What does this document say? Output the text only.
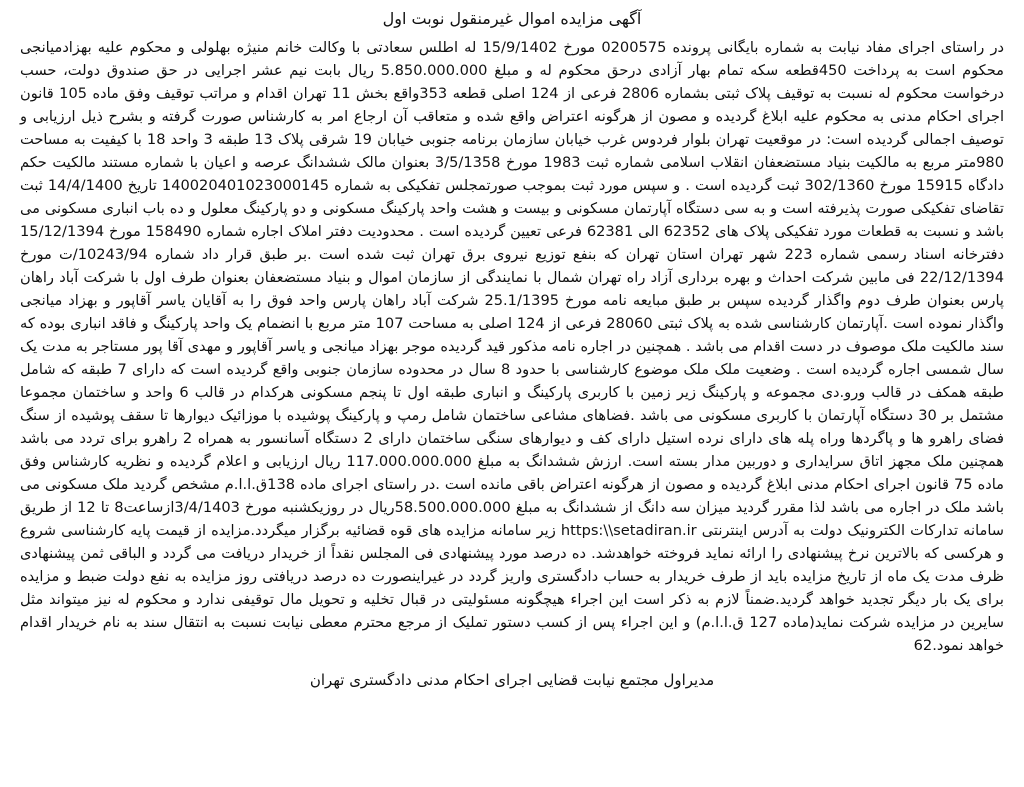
آگهی مزایده اموال غیرمنقول نوبت اول

در راستای اجرای مفاد نیابت به شماره بایگانی پرونده 0200575 مورخ 15/9/1402 له اطلس سعادتی با وکالت خانم منیژه بهلولی و محکوم علیه بهزادمیانجی محکوم است به پرداخت 450قطعه سکه تمام بهار آزادی درحق محکوم له و مبلغ 5.850.000.000 ریال بابت نیم عشر اجرایی در حق صندوق دولت، حسب درخواست محکوم له نسبت به توقیف پلاک ثبتی بشماره 2806 فرعی از 124 اصلی قطعه 353واقع بخش 11 تهران اقدام و مراتب توقیف وفق ماده 105 قانون اجرای احکام مدنی به محکوم علیه ابلاغ گردیده و مصون از هرگونه اعتراض واقع شده و متعاقب آن ارجاع امر به کارشناس صورت گرفته و بشرح ذیل ارزیابی و توصیف اجمالی گردیده است: در موقعیت تهران بلوار فردوس غرب خیابان سازمان برنامه جنوبی خیابان 19 شرقی پلاک 13 طبقه 3 واحد 18 با کیفیت به مساحت 980متر مربع به مالکیت بنیاد مستضعفان انقلاب اسلامی شماره ثبت 1983 مورخ 3/5/1358 بعنوان مالک ششدانگ عرصه و اعیان با شماره مستند مالکیت حکم دادگاه 15915 مورخ 302/1360 ثبت گردیده است . و سپس مورد ثبت بموجب صورتمجلس تفکیکی به شماره 14002040102300014​5 تاریخ 14/4/1400 ثبت تقاضای تفکیکی صورت پذیرفته است و به سی دستگاه آپارتمان مسکونی و بیست و هشت واحد پارکینگ مسکونی و دو پارکینگ معلول و ده باب انباری مسکونی می باشد و نسبت به قطعات مورد تفکیکی پلاک های 62352 الی 62381 فرعی تعیین گردیده است . محدودیت دفتر املاک اجاره شماره 158490 مورخ 15/12/1394 دفترخانه اسناد رسمی شماره 223 شهر تهران استان تهران که بنفع توزیع نیروی برق تهران ثبت شده است .بر طبق قرار داد شماره 10243/94/ت مورخ 22/12/1394 فی مابین شرکت احداث و بهره برداری آزاد راه تهران شمال با نمایندگی از سازمان اموال و بنیاد مستضعفان بعنوان طرف اول با شرکت آباد راهان پارس بعنوان طرف دوم واگذار گردیده سپس بر طبق مبایعه نامه مورخ 25.1/1395 شرکت آباد راهان پارس واحد فوق را به آقایان یاسر آقاپور و بهزاد میانجی واگذار نموده است .آپارتمان کارشناسی شده به پلاک ثبتی 28060 فرعی از 124 اصلی به مساحت 107 متر مربع با انضمام یک واحد پارکینگ و فاقد انباری بوده که سند مالکیت ملک موصوف در دست اقدام می باشد . همچنین در اجاره نامه مذکور قید گردیده موجر بهزاد میانجی و یاسر آقاپور و مهدی آقا پور مستاجر به مدت یک سال شمسی اجاره گردیده است . وضعیت ملک ملک موضوع کارشناسی با حدود 8 سال در محدوده سازمان جنوبی واقع گردیده است که دارای 7 طبقه که شامل طبقه همکف در قالب ورو.دی مجموعه و پارکینگ زیر زمین با کاربری پارکینگ و انباری طبقه اول تا پنجم مسکونی هرکدام در قالب 6 واحد و ساختمان مجموعا مشتمل بر 30 دستگاه آپارتمان با کاربری مسکونی می باشد .فضاهای مشاعی ساختمان شامل رمپ و پارکینگ پوشیده با موزائیک دیوارها تا سقف پوشیده از سنگ فضای راهرو ها و پاگردها وراه پله های دارای نرده استیل دارای کف و دیوارهای سنگی ساختمان دارای 2 دستگاه آسانسور به همراه 2 راهرو برای تردد می باشد همچنین ملک مجهز اتاق سرایداری و دوربین مدار بسته است. ارزش ششدانگ به مبلغ 117.000.000.000 ریال ارزیابی و اعلام گردیده و نظریه کارشناس وفق ماده 75 قانون اجرای احکام مدنی ابلاغ گردیده و مصون از هرگونه اعتراض باقی مانده است .در راستای اجرای ماده 138ق.ا.ا.م مشخص گردید ملک مسکونی می باشد ملک در اجاره می باشد لذا مقرر گردید میزان سه دانگ از ششدانگ به مبلغ 58.500.000.000ریال در روزیکشنبه مورخ 3/4/1403ازساعت8 تا 12 از طریق سامانه تدارکات الکترونیک دولت به آدرس اینترنتی https:\\setadiran.ir زیر سامانه مزایده های قوه قضائیه برگزار میگردد.مزایده از قیمت پایه کارشناسی شروع و هرکسی که بالاترین نرخ پیشنهادی را ارائه نماید فروخته خواهدشد. ده درصد مورد پیشنهادی فی المجلس نقداً از خریدار دریافت می گردد و الباقی ثمن پیشنهادی ظرف مدت یک ماه از تاریخ مزایده باید از طرف خریدار به حساب دادگستری واریز گردد در غیراینصورت ده درصد دریافتی روز مزایده به نفع دولت ضبط و مزایده برای یک بار دیگر تجدید خواهد گردید.ضمناً لازم به ذکر است این اجراء هیچگونه مسئولیتی در قبال تخلیه و تحویل مال توقیفی ندارد و محکوم له نیز میتواند مثل سایرین در مزایده شرکت نماید(ماده 127 ق.ا.ا.م) و این اجراء پس از کسب دستور تملیک از مرجع محترم معطی نیابت نسبت به انتقال سند به نام خریدار اقدام خواهد نمود.62

مدیراول مجتمع نیابت قضایی اجرای احکام مدنی دادگستری تهران
